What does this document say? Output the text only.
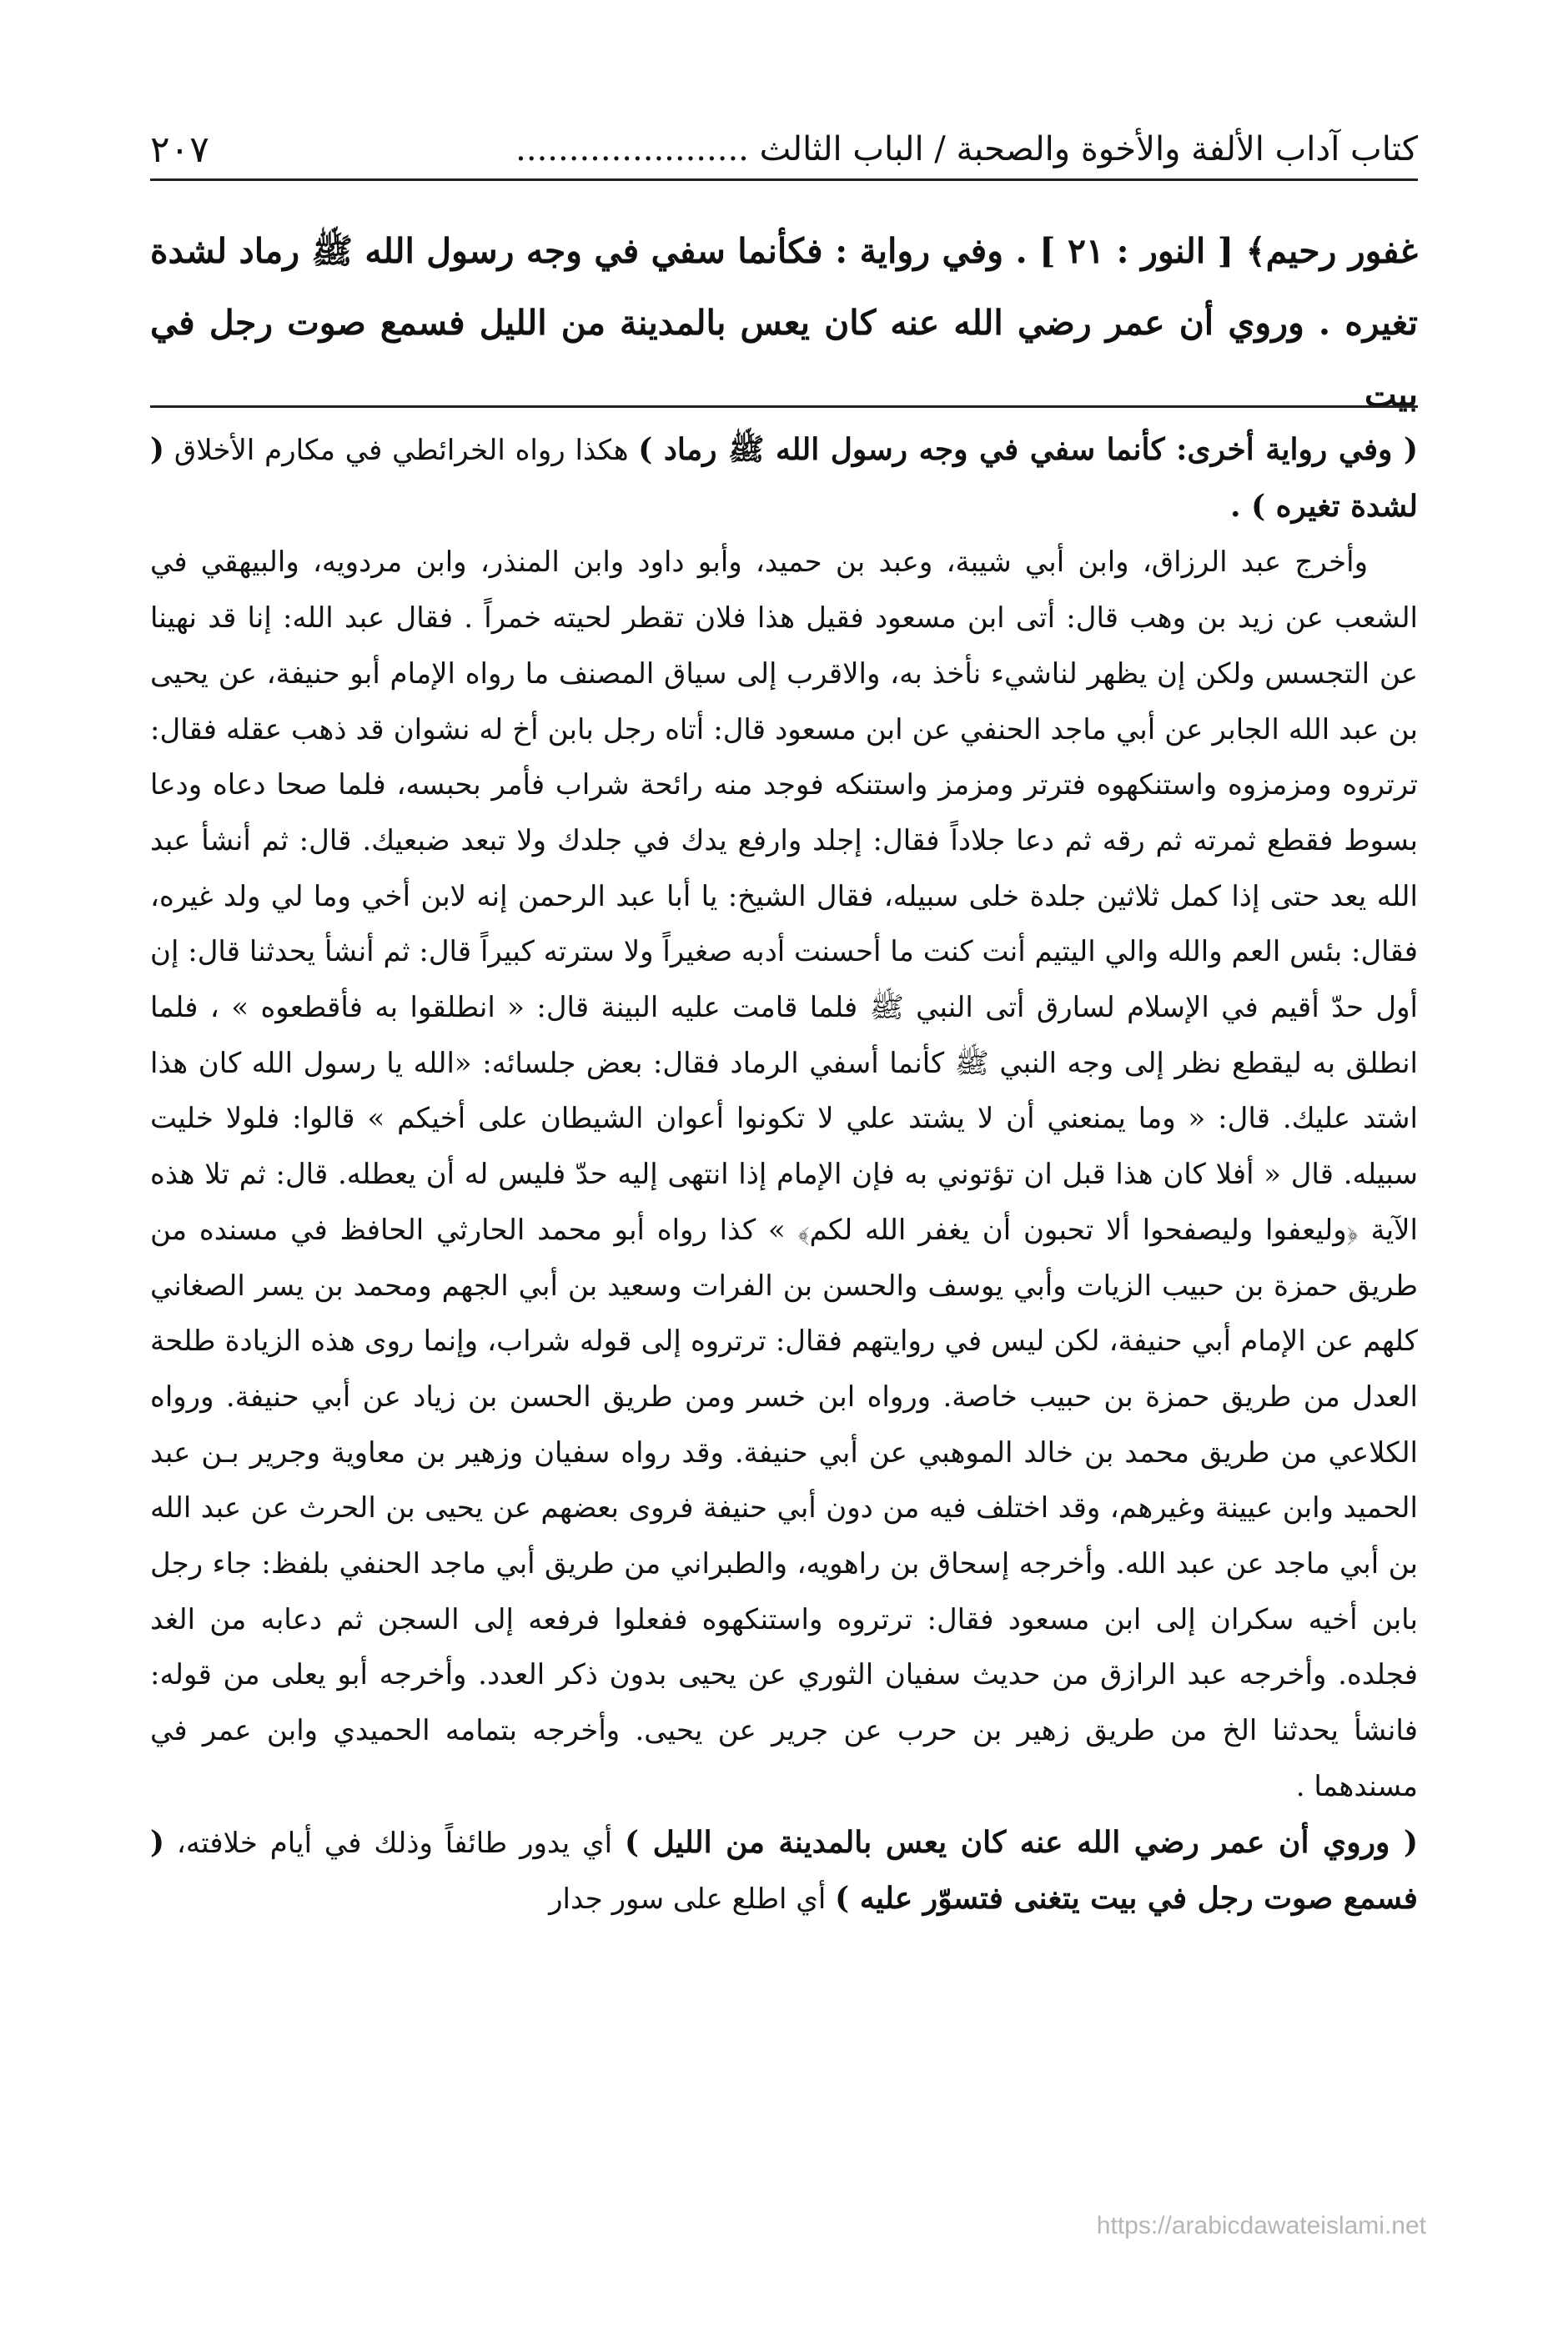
كتاب آداب الألفة والأخوة والصحبة / الباب الثالث ......................
٢٠٧
غفور رحيم﴾ [ النور : ٢١ ] . وفي رواية : فكأنما سفي في وجه رسول الله ﷺ رماد لشدة تغيره . وروي أن عمر رضي الله عنه كان يعس بالمدينة من الليل فسمع صوت رجل في بيت

( وفي رواية أخرى: كأنما سفي في وجه رسول الله ﷺ رماد ) هكذا رواه الخرائطي في مكارم الأخلاق ( لشدة تغيره ) .

وأخرج عبد الرزاق، وابن أبي شيبة، وعبد بن حميد، وأبو داود وابن المنذر، وابن مردويه، والبيهقي في الشعب عن زيد بن وهب قال: أتى ابن مسعود فقيل هذا فلان تقطر لحيته خمراً . فقال عبد الله: إنا قد نهينا عن التجسس ولكن إن يظهر لناشيء نأخذ به، والاقرب إلى سياق المصنف ما رواه الإمام أبو حنيفة، عن يحيى بن عبد الله الجابر عن أبي ماجد الحنفي عن ابن مسعود قال: أتاه رجل بابن أخ له نشوان قد ذهب عقله فقال: ترتروه ومزمزوه واستنكهوه فترتر ومزمز واستنكه فوجد منه رائحة شراب فأمر بحبسه، فلما صحا دعاه ودعا بسوط فقطع ثمرته ثم رقه ثم دعا جلاداً فقال: إجلد وارفع يدك في جلدك ولا تبعد ضبعيك. قال: ثم أنشأ عبد الله يعد حتى إذا كمل ثلاثين جلدة خلى سبيله، فقال الشيخ: يا أبا عبد الرحمن إنه لابن أخي وما لي ولد غيره، فقال: بئس العم والله والي اليتيم أنت كنت ما أحسنت أدبه صغيراً ولا سترته كبيراً قال: ثم أنشأ يحدثنا قال: إن أول حدّ أقيم في الإسلام لسارق أتى النبي ﷺ فلما قامت عليه البينة قال: « انطلقوا به فأقطعوه » ، فلما انطلق به ليقطع نظر إلى وجه النبي ﷺ كأنما أسفي الرماد فقال: بعض جلسائه: «الله يا رسول الله كان هذا اشتد عليك. قال: « وما يمنعني أن لا يشتد علي لا تكونوا أعوان الشيطان على أخيكم » قالوا: فلولا خليت سبيله. قال « أفلا كان هذا قبل ان تؤتوني به فإن الإمام إذا انتهى إليه حدّ فليس له أن يعطله. قال: ثم تلا هذه الآية ﴿وليعفوا وليصفحوا ألا تحبون أن يغفر الله لكم﴾ » كذا رواه أبو محمد الحارثي الحافظ في مسنده من طريق حمزة بن حبيب الزيات وأبي يوسف والحسن بن الفرات وسعيد بن أبي الجهم ومحمد بن يسر الصغاني كلهم عن الإمام أبي حنيفة، لكن ليس في روايتهم فقال: ترتروه إلى قوله شراب، وإنما روى هذه الزيادة طلحة العدل من طريق حمزة بن حبيب خاصة. ورواه ابن خسر ومن طريق الحسن بن زياد عن أبي حنيفة. ورواه الكلاعي من طريق محمد بن خالد الموهبي عن أبي حنيفة. وقد رواه سفيان وزهير بن معاوية وجرير بـن عبد الحميد وابن عيينة وغيرهم، وقد اختلف فيه من دون أبي حنيفة فروى بعضهم عن يحيى بن الحرث عن عبد الله بن أبي ماجد عن عبد الله. وأخرجه إسحاق بن راهويه، والطبراني من طريق أبي ماجد الحنفي بلفظ: جاء رجل بابن أخيه سكران إلى ابن مسعود فقال: ترتروه واستنكهوه ففعلوا فرفعه إلى السجن ثم دعابه من الغد فجلده. وأخرجه عبد الرازق من حديث سفيان الثوري عن يحيى بدون ذكر العدد. وأخرجه أبو يعلى من قوله: فانشأ يحدثنا الخ من طريق زهير بن حرب عن جرير عن يحيى. وأخرجه بتمامه الحميدي وابن عمر في مسندهما .

( وروي أن عمر رضي الله عنه كان يعس بالمدينة من الليل ) أي يدور طائفاً وذلك في أيام خلافته، ( فسمع صوت رجل في بيت يتغنى فتسوّر عليه ) أي اطلع على سور جدار

https://arabicdawateislami.net
